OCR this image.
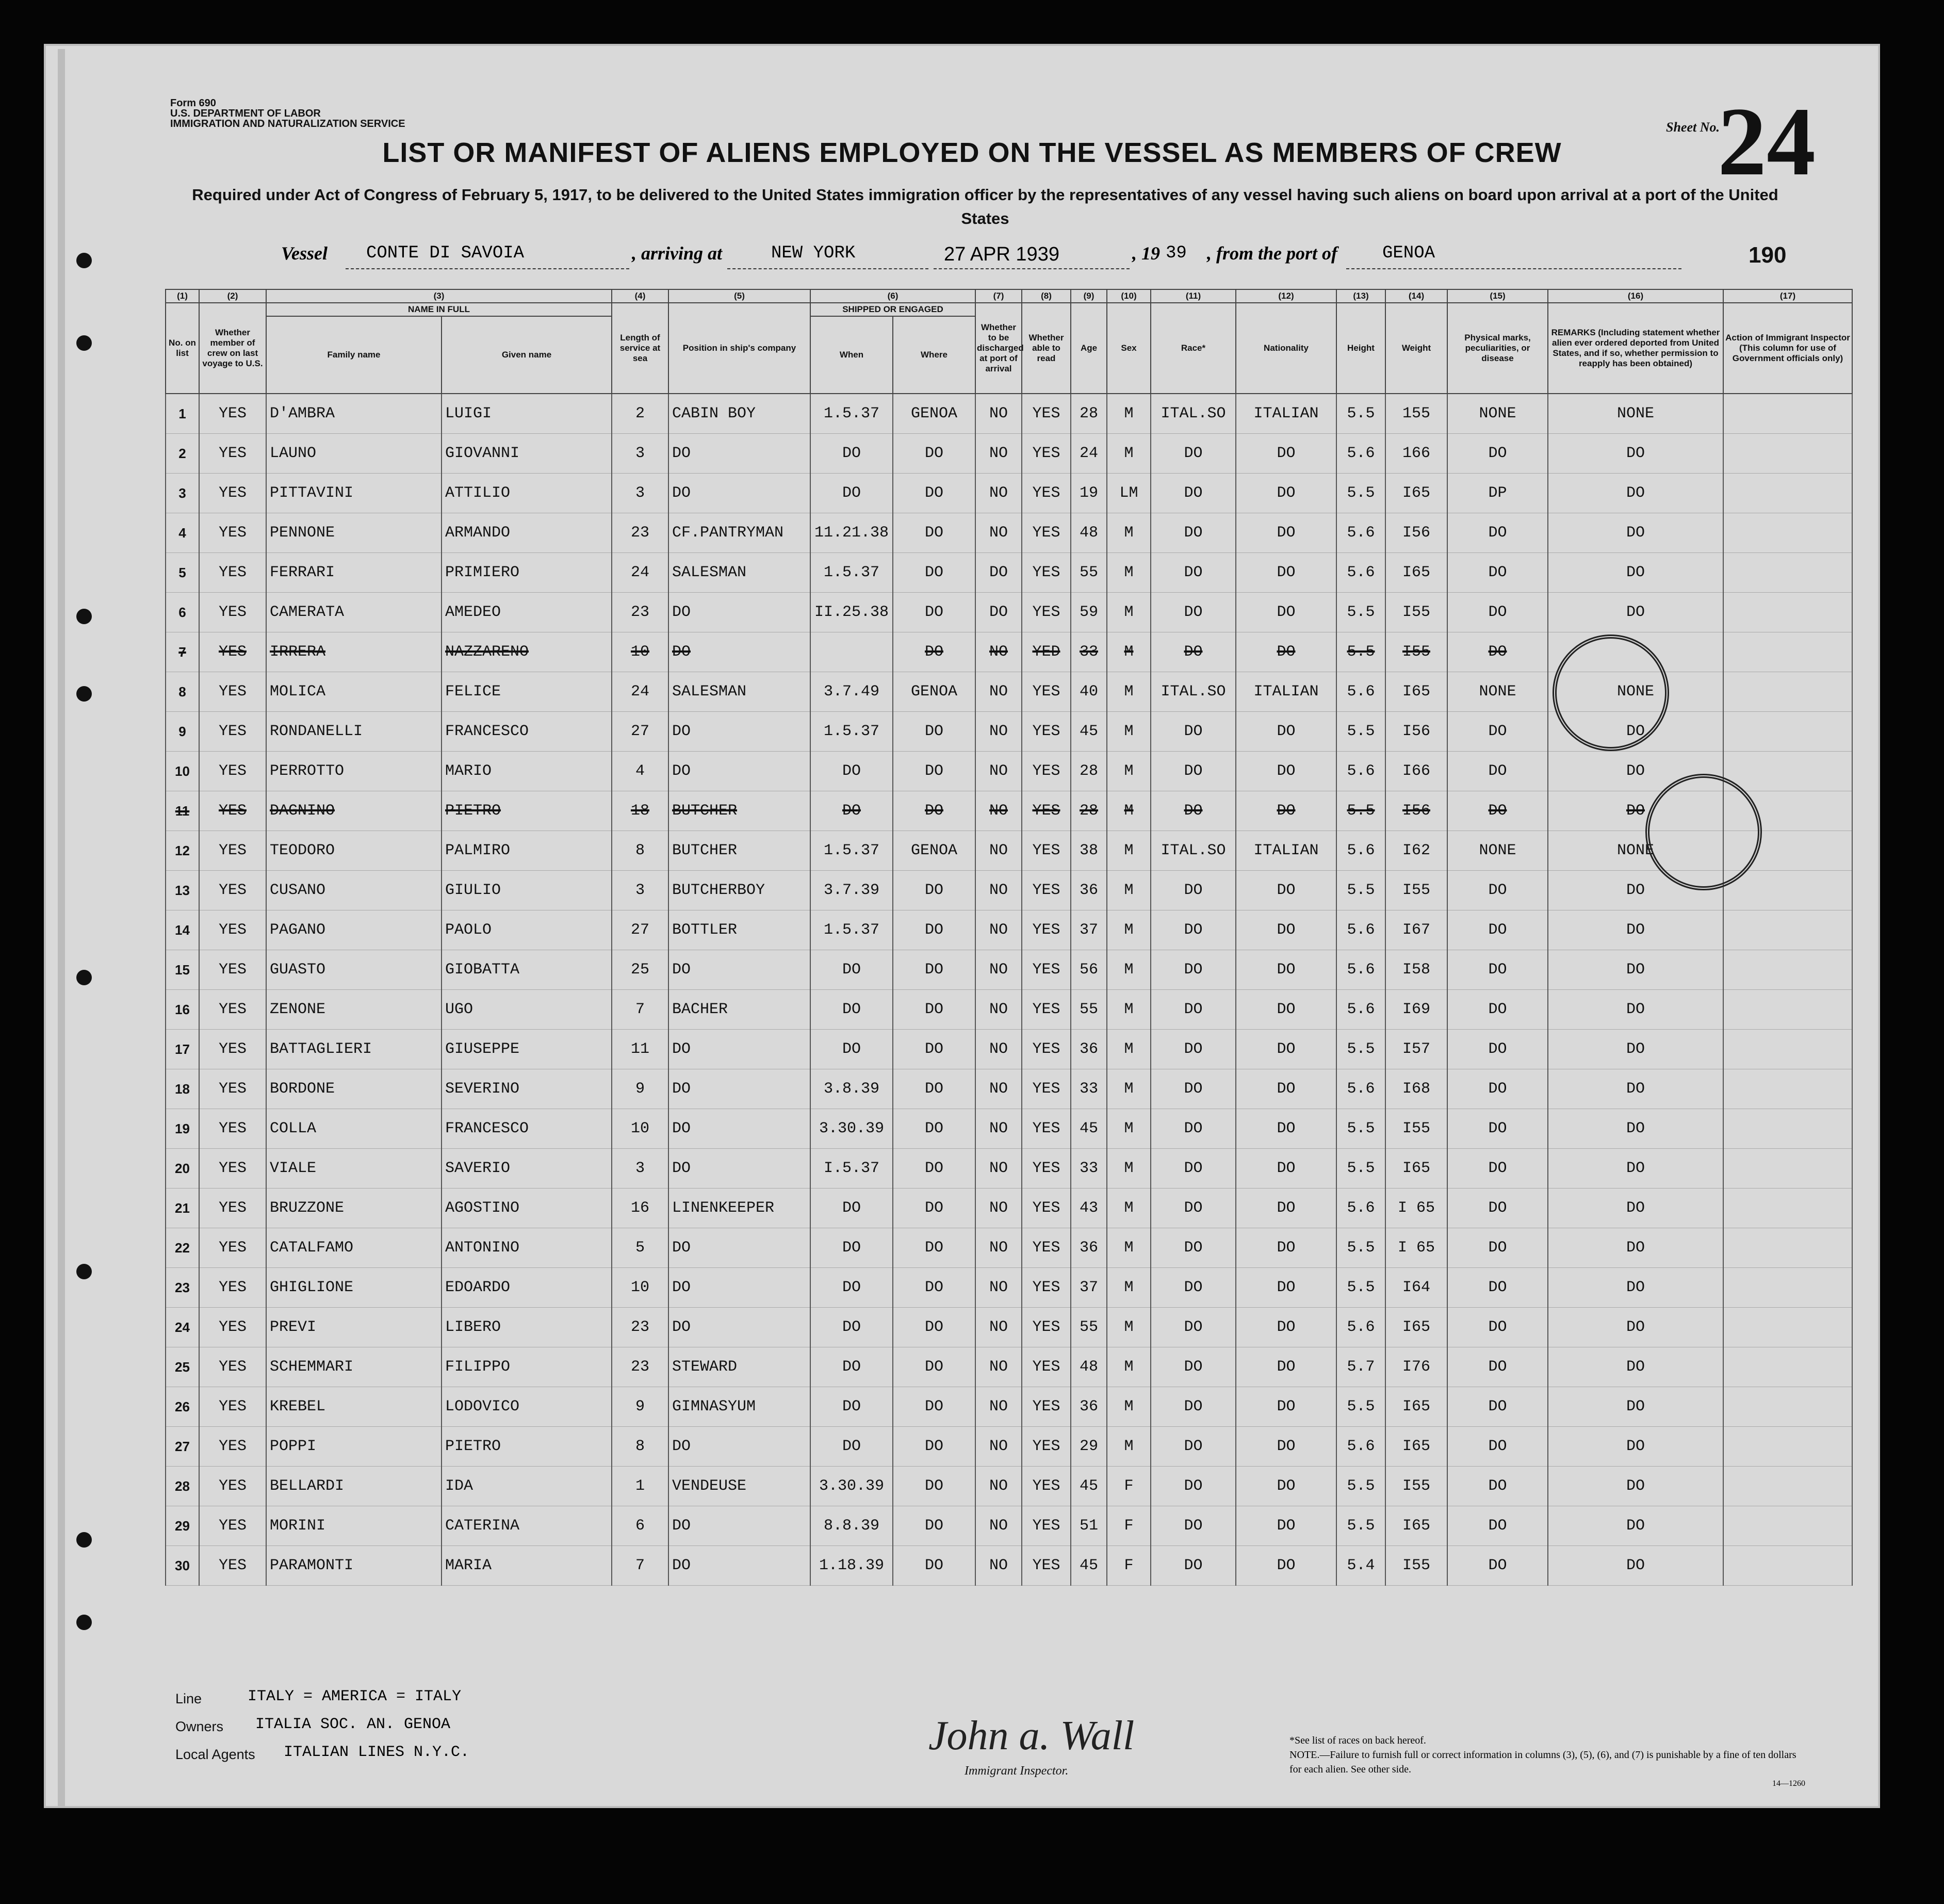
Form 690
U.S. DEPARTMENT OF LABOR
IMMIGRATION AND NATURALIZATION SERVICE
LIST OR MANIFEST OF ALIENS EMPLOYED ON THE VESSEL AS MEMBERS OF CREW
Required under Act of Congress of February 5, 1917, to be delivered to the United States immigration officer by the representatives of any vessel having such aliens on board upon arrival at a port of the United States
Sheet No.
24
190
Vessel CONTE DI SAVOIA	, arriving at	NEW YORK	27 APR 1939	, 19 39 , from the port of	GENOA
(1)	(2)	(3)		(4)	(5)	(6)		(7)	(8)	(9)	(10)	(11)	(12)	(13)	(14)	(15)	(16)	(17)
No. on list	Whether member of crew on last voyage to U.S.	NAME IN FULL		Length of service at sea	Position in ship's company	SHIPPED OR ENGAGED		Whether to be discharged at port of arrival	Whether able to read	Age	Sex	Race*	Nationality	Height	Weight	Physical marks, peculiarities, or disease	REMARKS (Including statement whether alien ever ordered deported from United States, and if so, whether permission to reapply has been obtained)	Action of Immigrant Inspector (This column for use of Government officials only)
		Family name	Given name			When	Where											
1	YES	D'AMBRA	LUIGI	2	CABIN BOY	1.5.37	GENOA	NO	YES	28	M	ITAL.SO	ITALIAN	5.5	155	NONE	NONE	
2	YES	LAUNO	GIOVANNI	3	DO	DO	DO	NO	YES	24	M	DO	DO	5.6	166	DO	DO	
3	YES	PITTAVINI	ATTILIO	3	DO	DO	DO	NO	YES	19	LM	DO	DO	5.5	I65	DP	DO	
4	YES	PENNONE	ARMANDO	23	CF.PANTRYMAN	11.21.38	DO	NO	YES	48	M	DO	DO	5.6	I56	DO	DO	
5	YES	FERRARI	PRIMIERO	24	SALESMAN	1.5.37	DO	DO	YES	55	M	DO	DO	5.6	I65	DO	DO	
6	YES	CAMERATA	AMEDEO	23	DO	II.25.38	DO	DO	YES	59	M	DO	DO	5.5	I55	DO	DO	
7	YES	IRRERA	NAZZARENO	10	DO		DO	NO	YED	33	M	DO	DO	5.5	I55	DO		
8	YES	MOLICA	FELICE	24	SALESMAN	3.7.49	GENOA	NO	YES	40	M	ITAL.SO	ITALIAN	5.6	I65	NONE	NONE	
9	YES	RONDANELLI	FRANCESCO	27	DO	1.5.37	DO	NO	YES	45	M	DO	DO	5.5	I56	DO	DO	
10	YES	PERROTTO	MARIO	4	DO	DO	DO	NO	YES	28	M	DO	DO	5.6	I66	DO	DO	
11	YES	DAGNINO	PIETRO	18	BUTCHER	DO	DO	NO	YES	28	M	DO	DO	5.5	I56	DO	DO	
12	YES	TEODORO	PALMIRO	8	BUTCHER	1.5.37	GENOA	NO	YES	38	M	ITAL.SO	ITALIAN	5.6	I62	NONE	NONE	
13	YES	CUSANO	GIULIO	3	BUTCHERBOY	3.7.39	DO	NO	YES	36	M	DO	DO	5.5	I55	DO	DO	
14	YES	PAGANO	PAOLO	27	BOTTLER	1.5.37	DO	NO	YES	37	M	DO	DO	5.6	I67	DO	DO	
15	YES	GUASTO	GIOBATTA	25	DO	DO	DO	NO	YES	56	M	DO	DO	5.6	I58	DO	DO	
16	YES	ZENONE	UGO	7	BACHER	DO	DO	NO	YES	55	M	DO	DO	5.6	I69	DO	DO	
17	YES	BATTAGLIERI	GIUSEPPE	11	DO	DO	DO	NO	YES	36	M	DO	DO	5.5	I57	DO	DO	
18	YES	BORDONE	SEVERINO	9	DO	3.8.39	DO	NO	YES	33	M	DO	DO	5.6	I68	DO	DO	
19	YES	COLLA	FRANCESCO	10	DO	3.30.39	DO	NO	YES	45	M	DO	DO	5.5	I55	DO	DO	
20	YES	VIALE	SAVERIO	3	DO	I.5.37	DO	NO	YES	33	M	DO	DO	5.5	I65	DO	DO	
21	YES	BRUZZONE	AGOSTINO	16	LINENKEEPER	DO	DO	NO	YES	43	M	DO	DO	5.6	I 65	DO	DO	
22	YES	CATALFAMO	ANTONINO	5	DO	DO	DO	NO	YES	36	M	DO	DO	5.5	I 65	DO	DO	
23	YES	GHIGLIONE	EDOARDO	10	DO	DO	DO	NO	YES	37	M	DO	DO	5.5	I64	DO	DO	
24	YES	PREVI	LIBERO	23	DO	DO	DO	NO	YES	55	M	DO	DO	5.6	I65	DO	DO	
25	YES	SCHEMMARI	FILIPPO	23	STEWARD	DO	DO	NO	YES	48	M	DO	DO	5.7	I76	DO	DO	
26	YES	KREBEL	LODOVICO	9	GIMNASYUM	DO	DO	NO	YES	36	M	DO	DO	5.5	I65	DO	DO	
27	YES	POPPI	PIETRO	8	DO	DO	DO	NO	YES	29	M	DO	DO	5.6	I65	DO	DO	
28	YES	BELLARDI	IDA	1	VENDEUSE	3.30.39	DO	NO	YES	45	F	DO	DO	5.5	I55	DO	DO	
29	YES	MORINI	CATERINA	6	DO	8.8.39	DO	NO	YES	51	F	DO	DO	5.5	I65	DO	DO	
30	YES	PARAMONTI	MARIA	7	DO	1.18.39	DO	NO	YES	45	F	DO	DO	5.4	I55	DO	DO	
Line	ITALY = AMERICA = ITALY
Owners ITALIA SOC. AN. GENOA
Local Agents ITALIAN LINES N.Y.C.	John a. Wall
Immigrant Inspector.
*See list of races on back hereof.
NOTE.—Failure to furnish full or correct information in columns (3), (5), (6), and (7) is punishable by a fine of ten dollars for each alien. See other side.
14—1260
